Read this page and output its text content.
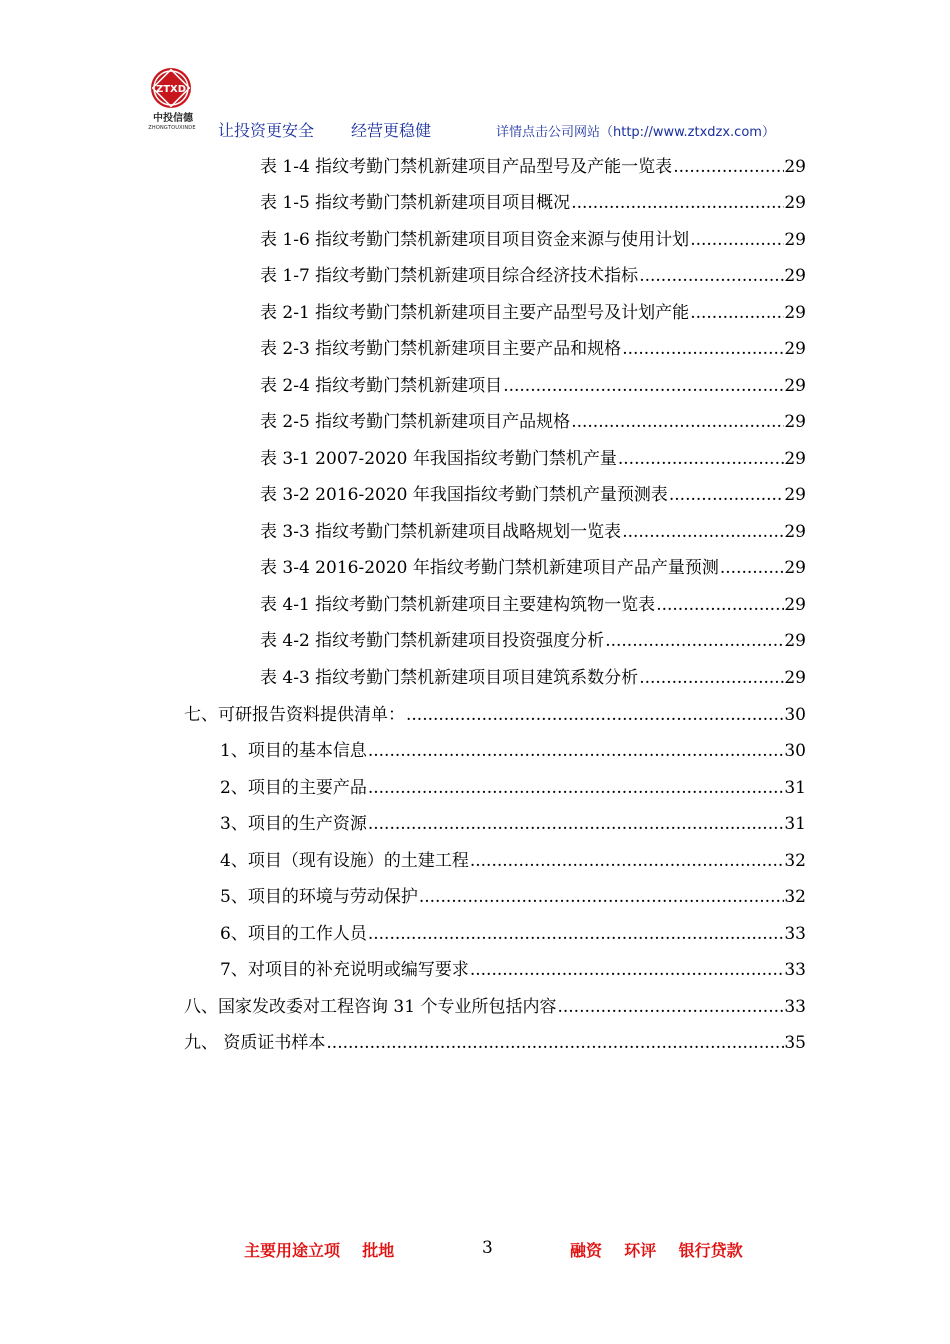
ZTXD
中投信德
ZHONGTOUXINDE	让投资更安全 经营更稳健	详情点击公司网站（http://www.ztxdzx.com）
表 1-4 指纹考勤门禁机新建项目产品型号及产能一览表 .....	29
表 1-5 指纹考勤门禁机新建项目项目概况 .....	29
表 1-6 指纹考勤门禁机新建项目项目资金来源与使用计划 .....	29
表 1-7 指纹考勤门禁机新建项目综合经济技术指标 .....	29
表 2-1 指纹考勤门禁机新建项目主要产品型号及计划产能 .....	29
表 2-3 指纹考勤门禁机新建项目主要产品和规格 .....	29
表 2-4 指纹考勤门禁机新建项目 .....	29
表 2-5 指纹考勤门禁机新建项目产品规格 .....	29
表 3-1 2007-2020 年我国指纹考勤门禁机产量 .....	29
表 3-2 2016-2020 年我国指纹考勤门禁机产量预测表 .....	29
表 3-3 指纹考勤门禁机新建项目战略规划一览表 .....	29
表 3-4 2016-2020 年指纹考勤门禁机新建项目产品产量预测 .....	29
表 4-1 指纹考勤门禁机新建项目主要建构筑物一览表 .....	29
表 4-2 指纹考勤门禁机新建项目投资强度分析 .....	29
表 4-3 指纹考勤门禁机新建项目项目建筑系数分析 .....	29
七、可研报告资料提供清单： .....	30
1、项目的基本信息 .....	30
2、项目的主要产品 .....	31
3、项目的生产资源 .....	31
4、项目（现有设施）的土建工程 .....	32
5、项目的环境与劳动保护 .....	32
6、项目的工作人员 .....	33
7、对项目的补充说明或编写要求 .....	33
八、国家发改委对工程咨询 31 个专业所包括内容 .....	33
九、 资质证书样本 .....	35
主要用途立项    批地	3	融资    环评    银行贷款
